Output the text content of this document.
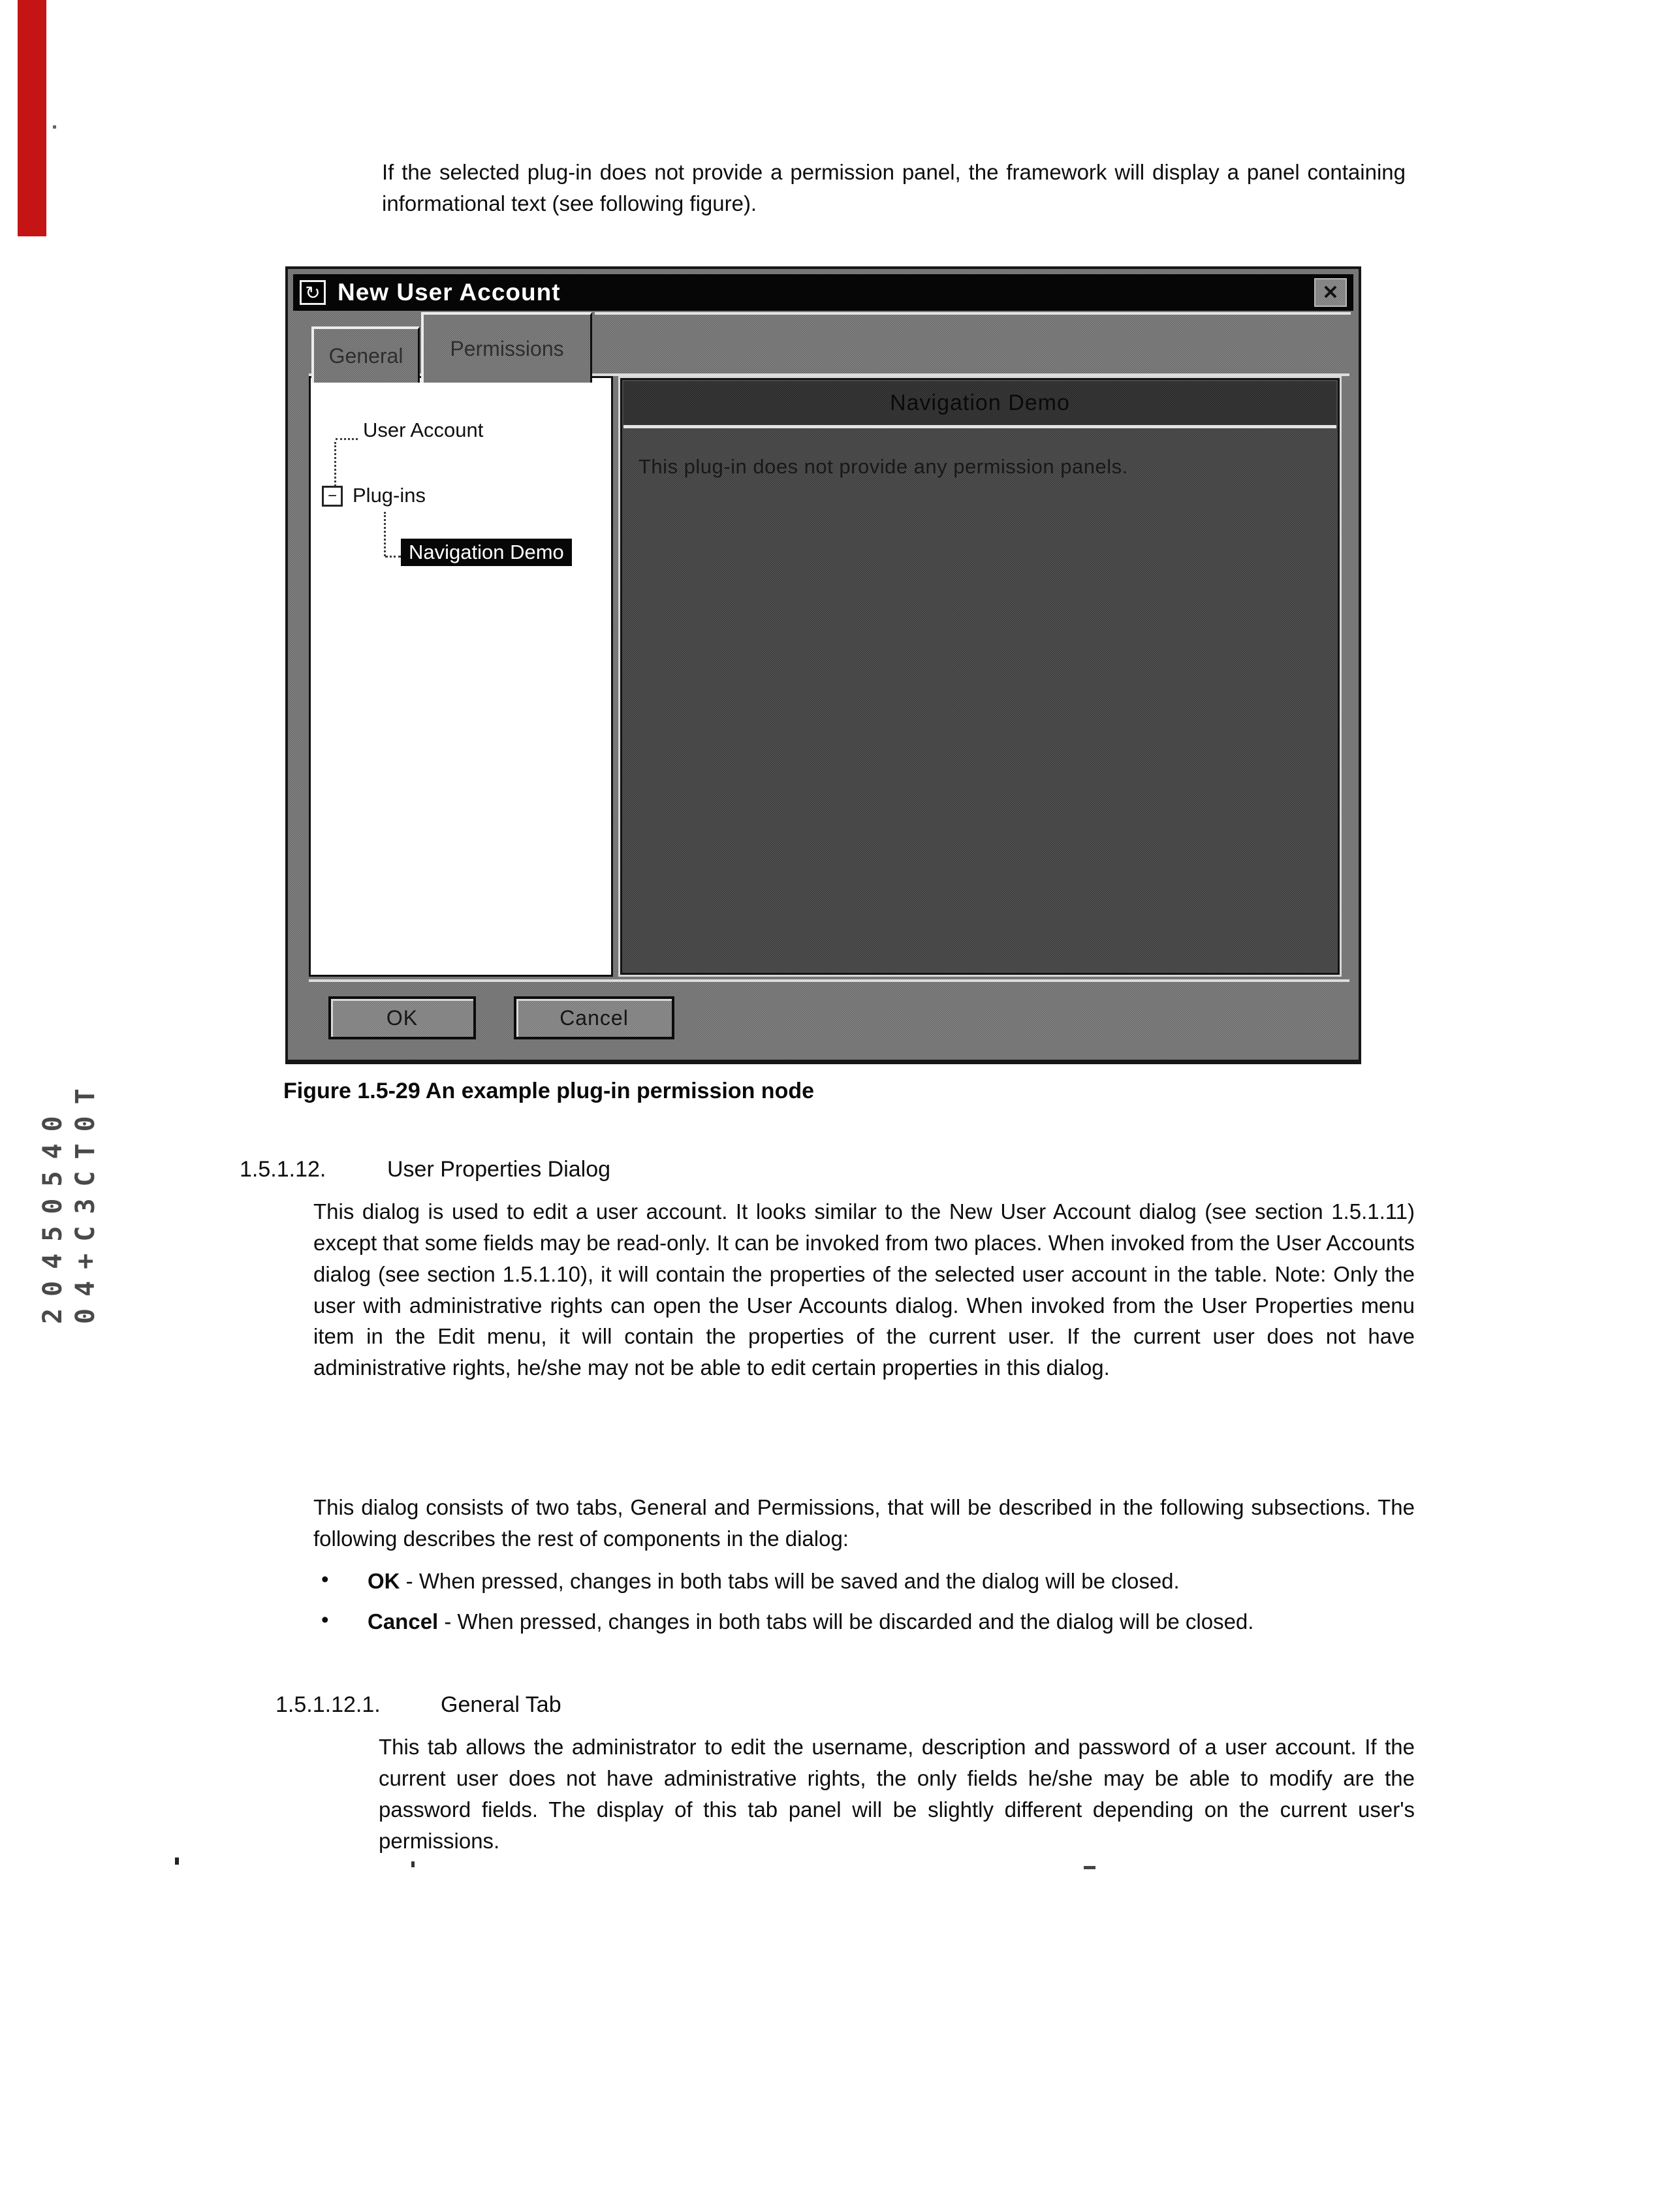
20450540 04+C3CT0T

If the selected plug-in does not provide a permission panel, the framework will display a panel containing informational text (see following figure).

↻ New User Account	✕
General Permissions
User Account
− Plug-ins
Navigation Demo
Navigation Demo
This plug-in does not provide any permission panels.
OK	Cancel
Figure 1.5-29 An example plug-in permission node
1.5.1.12.	User Properties Dialog

This dialog is used to edit a user account. It looks similar to the New User Account dialog (see section 1.5.1.11) except that some fields may be read-only. It can be invoked from two places. When invoked from the User Accounts dialog (see section 1.5.1.10), it will contain the properties of the selected user account in the table. Note: Only the user with administrative rights can open the User Accounts dialog. When invoked from the User Properties menu item in the Edit menu, it will contain the properties of the current user. If the current user does not have administrative rights, he/she may not be able to edit certain properties in this dialog.

This dialog consists of two tabs, General and Permissions, that will be described in the following subsections. The following describes the rest of components in the dialog:

• OK - When pressed, changes in both tabs will be saved and the dialog will be closed.
• Cancel - When pressed, changes in both tabs will be discarded and the dialog will be closed.
1.5.1.12.1.	General Tab

This tab allows the administrator to edit the username, description and password of a user account. If the current user does not have administrative rights, the only fields he/she may be able to modify are the password fields. The display of this tab panel will be slightly different depending on the current user's permissions.
